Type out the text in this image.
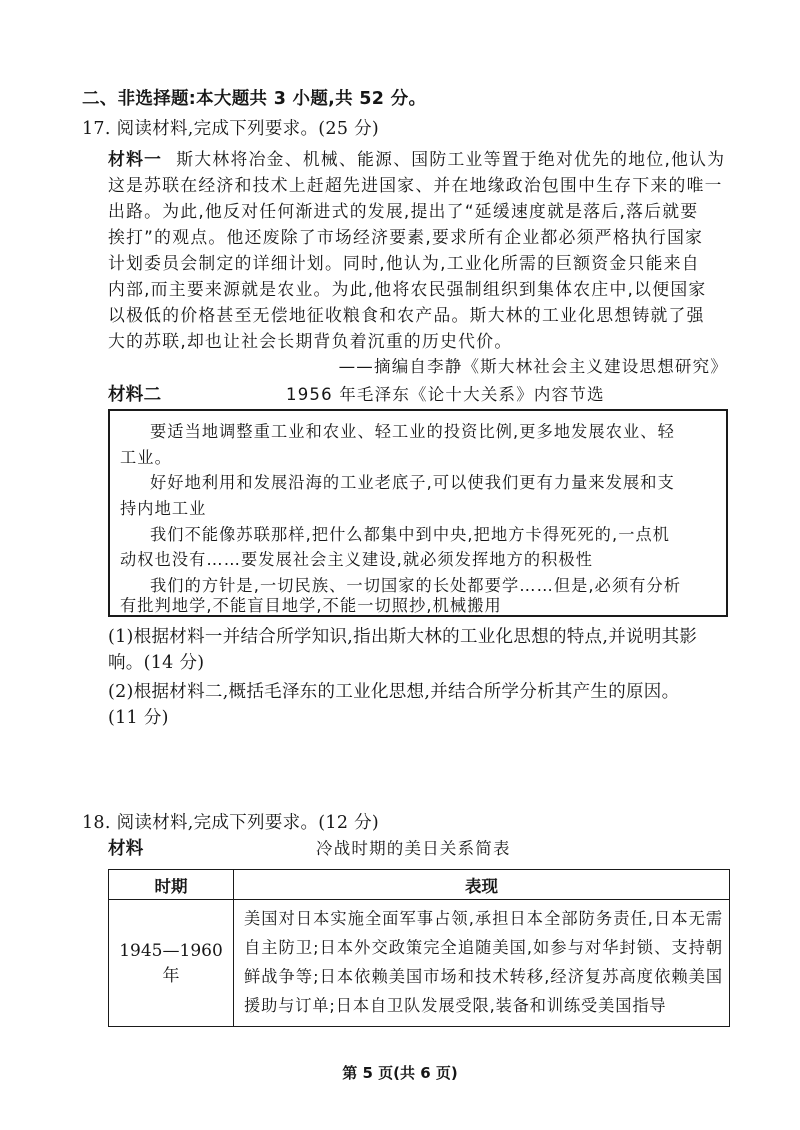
二、非选择题:本大题共 3 小题,共 52 分。
17. 阅读材料,完成下列要求。(25 分)
材料一 斯大林将冶金、机械、能源、国防工业等置于绝对优先的地位,他认为
这是苏联在经济和技术上赶超先进国家、并在地缘政治包围中生存下来的唯一
出路。为此,他反对任何渐进式的发展,提出了“延缓速度就是落后,落后就要
挨打”的观点。他还废除了市场经济要素,要求所有企业都必须严格执行国家
计划委员会制定的详细计划。同时,他认为,工业化所需的巨额资金只能来自
内部,而主要来源就是农业。为此,他将农民强制组织到集体农庄中,以便国家
以极低的价格甚至无偿地征收粮食和农产品。斯大林的工业化思想铸就了强
大的苏联,却也让社会长期背负着沉重的历史代价。
——摘编自李静《斯大林社会主义建设思想研究》
材料二	1956 年毛泽东《论十大关系》内容节选
要适当地调整重工业和农业、轻工业的投资比例,更多地发展农业、轻
工业。
好好地利用和发展沿海的工业老底子,可以使我们更有力量来发展和支
持内地工业
我们不能像苏联那样,把什么都集中到中央,把地方卡得死死的,一点机
动权也没有……要发展社会主义建设,就必须发挥地方的积极性
我们的方针是,一切民族、一切国家的长处都要学……但是,必须有分析
有批判地学,不能盲目地学,不能一切照抄,机械搬用
(1)根据材料一并结合所学知识,指出斯大林的工业化思想的特点,并说明其影
响。(14 分)
(2)根据材料二,概括毛泽东的工业化思想,并结合所学分析其产生的原因。
(11 分)
18. 阅读材料,完成下列要求。(12 分)
材料	冷战时期的美日关系简表
时期	表现
1945—1960 年	美国对日本实施全面军事占领,承担日本全部防务责任,日本无需自主防卫;日本外交政策完全追随美国,如参与对华封锁、支持朝鲜战争等;日本依赖美国市场和技术转移,经济复苏高度依赖美国援助与订单;日本自卫队发展受限,装备和训练受美国指导
第 5 页(共 6 页)
